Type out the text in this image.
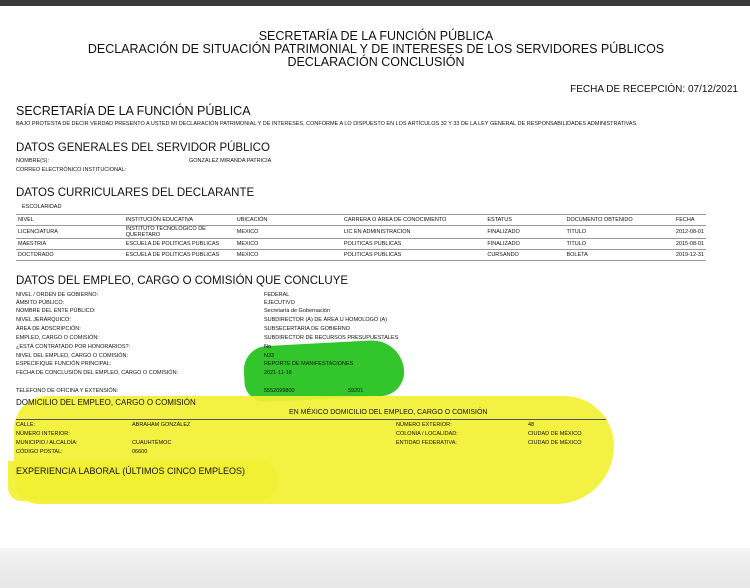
SECRETARÍA DE LA FUNCIÓN PÚBLICA
DECLARACIÓN DE SITUACIÓN PATRIMONIAL Y DE INTERESES DE LOS SERVIDORES PÚBLICOS
DECLARACIÓN CONCLUSIÓN
FECHA DE RECEPCIÓN: 07/12/2021
SECRETARÍA DE LA FUNCIÓN PÚBLICA
BAJO PROTESTA DE DECIR VERDAD PRESENTO A USTED MI DECLARACIÓN PATRIMONIAL Y DE INTERESES, CONFORME A LO DISPUESTO EN LOS ARTÍCULOS 32 Y 33 DE LA LEY GENERAL DE RESPONSABILIDADES ADMINISTRATIVAS.
DATOS GENERALES DEL SERVIDOR PÚBLICO
NOMBRE(S):	GONZALEZ MIRANDA PATRICIA
CORREO ELECTRÓNICO INSTITUCIONAL:
DATOS CURRICULARES DEL DECLARANTE
ESCOLARIDAD
NIVEL	INSTITUCIÓN EDUCATIVA	UBICACIÓN	CARRERA O ÁREA DE CONOCIMIENTO	ESTATUS	DOCUMENTO OBTENIDO	FECHA
LICENCIATURA	INSTITUTO TECNOLOGICO DE QUERETARO	MEXICO	LIC EN ADMINISTRACION	FINALIZADO	TITULO	2012-08-01
MAESTRIA	ESCUELA DE POLITICAS PUBLICAS	MEXICO	POLITICAS PUBLICAS	FINALIZADO	TITULO	2015-08-01
DOCTORADO	ESCUELA DE POLITICAS PUBLICAS	MEXICO	POLITICAS PUBLICAS	CURSANDO	BOLETA	2019-12-31
DATOS DEL EMPLEO, CARGO O COMISIÓN QUE CONCLUYE
NIVEL / ORDEN DE GOBIERNO:	FEDERAL
ÁMBITO PÚBLICO:	EJECUTIVO
NOMBRE DEL ENTE PÚBLICO:	Secretaría de Gobernación
NIVEL JERÁRQUICO:	SUBDIRECTOR (A) DE ÁREA U HOMOLOGO (A)
ÁREA DE ADSCRIPCIÓN:	SUBSECERTARIA DE GOBIERNO
EMPLEO, CARGO O COMISIÓN:	SUBDIRECTOR DE RECURSOS PRESUPUESTALES
¿ESTÁ CONTRATADO POR HONORARIOS?:	No
NIVEL DEL EMPLEO, CARGO O COMISIÓN:	N33
ESPECIFIQUE FUNCIÓN PRINCIPAL:	REPORTE DE MANIFESTACIONES
FECHA DE CONCLUSIÓN DEL EMPLEO, CARGO O COMISIÓN:	2021-11-18
TELÉFONO DE OFICINA Y EXTENSIÓN:	5552099800	59201
DOMICILIO DEL EMPLEO, CARGO O COMISIÓN
EN MÉXICO DOMICILIO DEL EMPLEO, CARGO O COMISIÓN
CALLE:	ABRAHAM GONZÁLEZ
NÚMERO INTERIOR:
MUNICIPIO / ALCALDÍA:	CUAUHTÉMOC
CÓDIGO POSTAL:	06600
NÚMERO EXTERIOR:	48
COLONIA / LOCALIDAD:	CIUDAD DE MÉXICO
ENTIDAD FEDERATIVA:	CIUDAD DE MÉXICO
EXPERIENCIA LABORAL (ÚLTIMOS CINCO EMPLEOS)
